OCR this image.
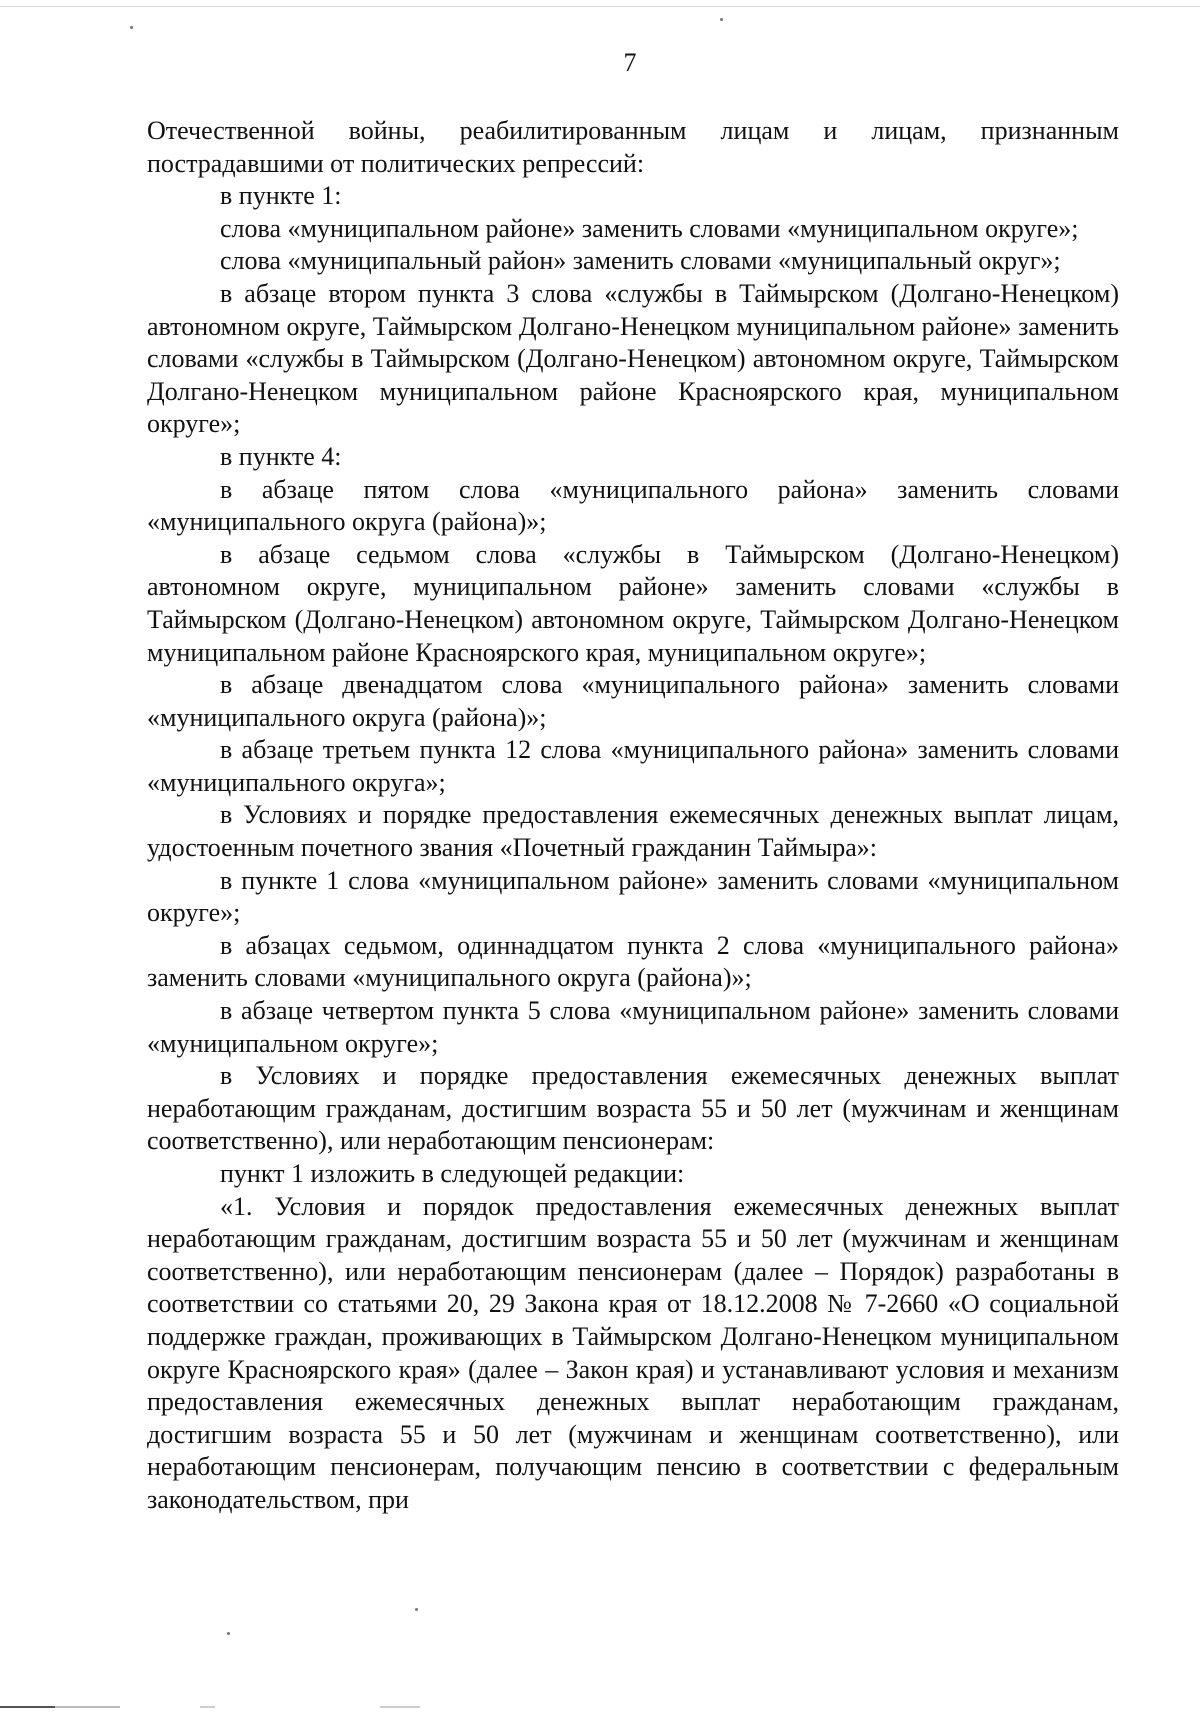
7

Отечественной войны, реабилитированным лицам и лицам, признанным пострадавшими от политических репрессий:

в пункте 1:

слова «муниципальном районе» заменить словами «муниципальном округе»;

слова «муниципальный район» заменить словами «муниципальный округ»;

в абзаце втором пункта 3 слова «службы в Таймырском (Долгано-Ненецком) автономном округе, Таймырском Долгано-Ненецком муниципальном районе» заменить словами «службы в Таймырском (Долгано-Ненецком) автономном округе, Таймырском Долгано-Ненецком муниципальном районе Красноярского края, муниципальном округе»;

в пункте 4:

в абзаце пятом слова «муниципального района» заменить словами «муниципального округа (района)»;

в абзаце седьмом слова «службы в Таймырском (Долгано-Ненецком) автономном округе, муниципальном районе» заменить словами «службы в Таймырском (Долгано-Ненецком) автономном округе, Таймырском Долгано-Ненецком муниципальном районе Красноярского края, муниципальном округе»;

в абзаце двенадцатом слова «муниципального района» заменить словами «муниципального округа (района)»;

в абзаце третьем пункта 12 слова «муниципального района» заменить словами «муниципального округа»;

в Условиях и порядке предоставления ежемесячных денежных выплат лицам, удостоенным почетного звания «Почетный гражданин Таймыра»:

в пункте 1 слова «муниципальном районе» заменить словами «муниципальном округе»;

в абзацах седьмом, одиннадцатом пункта 2 слова «муниципального района» заменить словами «муниципального округа (района)»;

в абзаце четвертом пункта 5 слова «муниципальном районе» заменить словами «муниципальном округе»;

в Условиях и порядке предоставления ежемесячных денежных выплат неработающим гражданам, достигшим возраста 55 и 50 лет (мужчинам и женщинам соответственно), или неработающим пенсионерам:

пункт 1 изложить в следующей редакции:

«1. Условия и порядок предоставления ежемесячных денежных выплат неработающим гражданам, достигшим возраста 55 и 50 лет (мужчинам и женщинам соответственно), или неработающим пенсионерам (далее – Порядок) разработаны в соответствии со статьями 20, 29 Закона края от 18.12.2008 № 7-2660 «О социальной поддержке граждан, проживающих в Таймырском Долгано-Ненецком муниципальном округе Красноярского края» (далее – Закон края) и устанавливают условия и механизм предоставления ежемесячных денежных выплат неработающим гражданам, достигшим возраста 55 и 50 лет (мужчинам и женщинам соответственно), или неработающим пенсионерам, получающим пенсию в соответствии с федеральным законодательством, при
